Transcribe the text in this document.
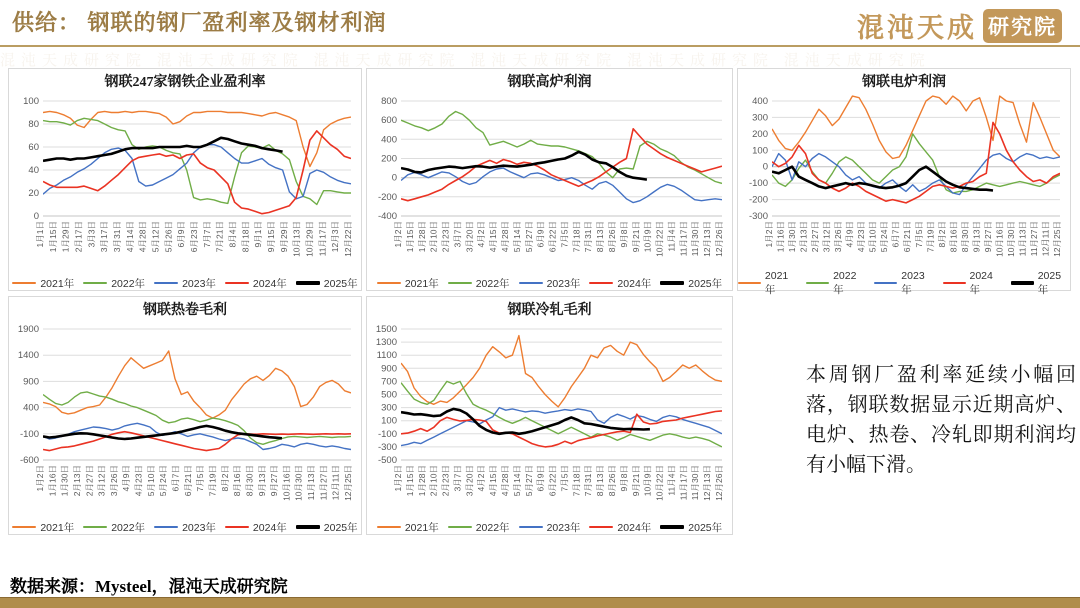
供给： 钢联的钢厂盈利率及钢材利润	混沌天成 研究院
混沌天成研究院 混沌天成研究院 混沌天成研究院 混沌天成研究院 混沌天成研究院 混沌天成研究院
钢联247家钢铁企业盈利率
100
80
60
40
20
0
1月1日 1月15日 1月29日 2月17日 3月3日 3月17日 3月31日 4月14日 4月28日 5月12日 5月26日 6月9日 6月23日 7月7日 7月21日 8月4日 8月18日 9月1日 9月15日 9月29日 10月13日 10月29日 11月17日 12月3日 12月22日
2021年	2022年	2023年	2024年	2025年
钢联高炉利润
800
600
400
200
0
-200
-400
1月2日 1月15日 1月28日 2月10日 2月23日 3月7日 3月20日 4月2日 4月15日 4月28日 5月14日 5月27日 6月9日 6月22日 7月5日 7月18日 7月31日 8月13日 8月26日 9月8日 9月21日 10月9日 10月22日 11月4日 11月17日 11月30日 12月13日 12月26日
2021年	2022年	2023年	2024年	2025年
钢联电炉利润
400
300
200
100
0
-100
-200
-300
1月2日 1月16日 1月30日 2月13日 2月27日 3月12日 3月26日 4月9日 4月23日 5月10日 5月24日 6月7日 6月21日 7月5日 7月19日 8月2日 8月16日 8月30日 9月13日 9月27日 10月16日 10月30日 11月13日 11月27日 12月11日 12月25日
2021年
2022年
2023年
2024年
2025年
钢联热卷毛利
1900
1400
900
400
-100
-600
1月2日 1月16日 1月30日 2月13日 2月27日 3月12日 3月26日 4月9日 4月23日 5月10日 5月24日 6月7日 6月21日 7月5日 7月19日 8月2日 8月16日 8月30日 9月13日 9月27日 10月16日 10月30日 11月13日 11月27日 12月11日 12月25日
2021年	2022年	2023年	2024年	2025年
钢联冷轧毛利
1500
1300
1100
900
700
500
300
100
-100
-300
-500
1月2日 1月15日 1月28日 2月10日 2月23日 3月7日 3月20日 4月2日 4月15日 4月28日 5月14日 5月27日 6月9日 6月22日 7月5日 7月18日 7月31日 8月13日 8月26日 9月8日 9月21日 10月9日 10月22日 11月4日 11月17日 11月30日 12月13日 12月26日
2021年	2022年	2023年	2024年	2025年
本周钢厂盈利率延续小幅回落，钢联数据显示近期高炉、电炉、热卷、冷轧即期利润均有小幅下滑。
数据来源：Mysteel，混沌天成研究院
